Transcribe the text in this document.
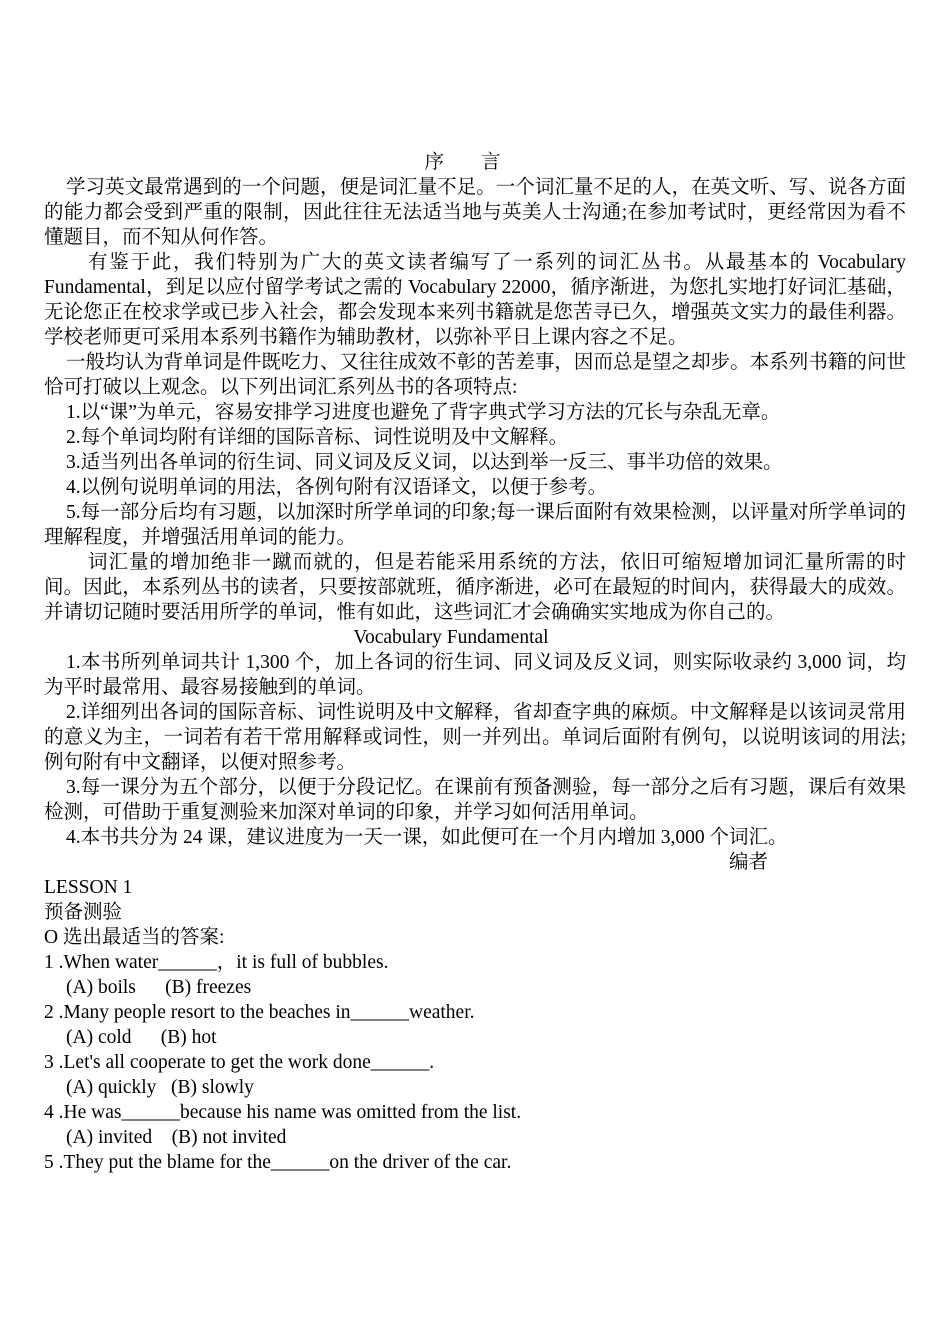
序 言

学习英文最常遇到的一个问题，便是词汇量不足。一个词汇量不足的人，在英文听、写、说各方面的能力都会受到严重的限制，因此往往无法适当地与英美人士沟通;在参加考试时，更经常因为看不懂题目，而不知从何作答。

有鉴于此，我们特别为广大的英文读者编写了一系列的词汇丛书。从最基本的 Vocabulary Fundamental，到足以应付留学考试之需的 Vocabulary 22000，循序渐进，为您扎实地打好词汇基础，无论您正在校求学或已步入社会，都会发现本来列书籍就是您苦寻已久，增强英文实力的最佳利器。学校老师更可采用本系列书籍作为辅助教材，以弥补平日上课内容之不足。

一般均认为背单词是件既吃力、又往往成效不彰的苦差事，因而总是望之却步。本系列书籍的问世恰可打破以上观念。以下列出词汇系列丛书的各项特点:

1.以“课”为单元，容易安排学习进度也避免了背字典式学习方法的冗长与杂乱无章。

2.每个单词均附有详细的国际音标、词性说明及中文解释。

3.适当列出各单词的衍生词、同义词及反义词，以达到举一反三、事半功倍的效果。

4.以例句说明单词的用法，各例句附有汉语译文，以便于参考。

5.每一部分后均有习题，以加深时所学单词的印象;每一课后面附有效果检测，以评量对所学单词的理解程度，并增强活用单词的能力。

词汇量的增加绝非一蹴而就的，但是若能采用系统的方法，依旧可缩短增加词汇量所需的时间。因此，本系列丛书的读者，只要按部就班，循序渐进，必可在最短的时间内，获得最大的成效。并请切记随时要活用所学的单词，惟有如此，这些词汇才会确确实实地成为你自己的。

Vocabulary Fundamental

1.本书所列单词共计 1,300 个，加上各词的衍生词、同义词及反义词，则实际收录约 3,000 词，均为平时最常用、最容易接触到的单词。

2.详细列出各词的国际音标、词性说明及中文解释，省却查字典的麻烦。中文解释是以该词灵常用的意义为主，一词若有若干常用解释或词性，则一并列出。单词后面附有例句，以说明该词的用法;例句附有中文翻译，以便对照参考。

3.每一课分为五个部分，以便于分段记忆。在课前有预备测验，每一部分之后有习题，课后有效果检测，可借助于重复测验来加深对单词的印象，并学习如何活用单词。

4.本书共分为 24 课，建议进度为一天一课，如此便可在一个月内增加 3,000 个词汇。

编者

LESSON 1

预备测验

O 选出最适当的答案:

1 .When water______，it is full of bubbles.

(A) boils      (B) freezes

2 .Many people resort to the beaches in______weather.

(A) cold      (B) hot

3 .Let's all cooperate to get the work done______.

(A) quickly   (B) slowly

4 .He was______because his name was omitted from the list.

(A) invited    (B) not invited

5 .They put the blame for the______on the driver of the car.
